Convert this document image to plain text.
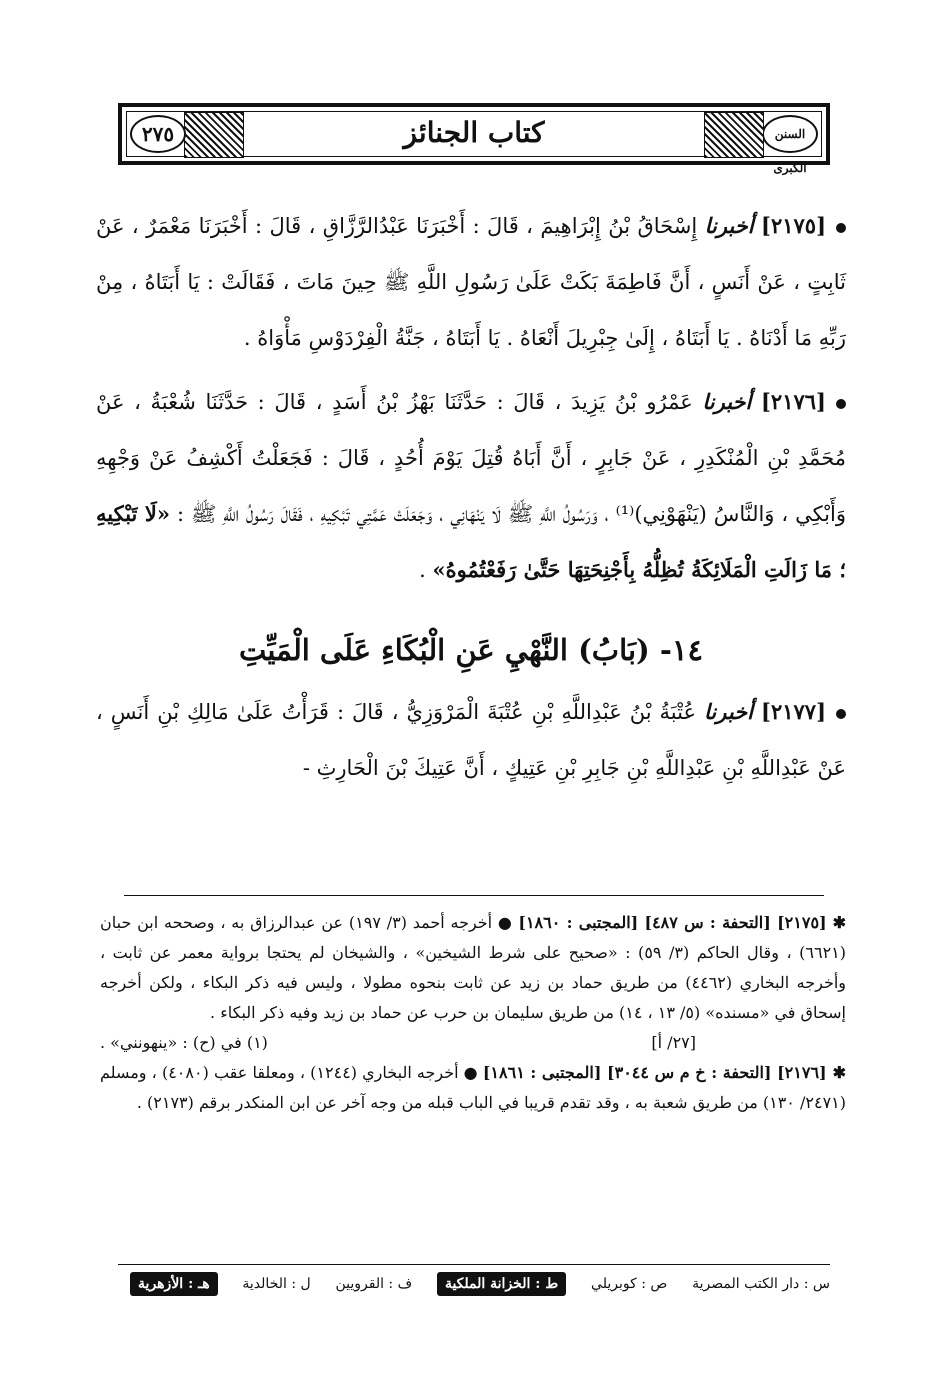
السنن الكبرى
كتاب الجنائز
٢٧٥

[٢١٧٥] أخبرنا إِسْحَاقُ بْنُ إِبْرَاهِيمَ ، قَالَ : أَخْبَرَنَا عَبْدُالرَّزَّاقِ ، قَالَ : أَخْبَرَنَا مَعْمَرٌ ، عَنْ ثَابِتٍ ، عَنْ أَنَسٍ ، أَنَّ فَاطِمَةَ بَكَتْ عَلَىٰ رَسُولِ اللَّهِ ﷺ حِينَ مَاتَ ، فَقَالَتْ : يَا أَبَتَاهُ ، مِنْ رَبِّهِ مَا أَدْنَاهُ . يَا أَبَتَاهُ ، إِلَىٰ جِبْرِيلَ أَنْعَاهُ . يَا أَبَتَاهُ ، جَنَّةُ الْفِرْدَوْسِ مَأْوَاهُ .

[٢١٧٦] أخبرنا عَمْرُو بْنُ يَزِيدَ ، قَالَ : حَدَّثَنَا بَهْزُ بْنُ أَسَدٍ ، قَالَ : حَدَّثَنَا شُعْبَةُ ، عَنْ مُحَمَّدِ بْنِ الْمُنْكَدِرِ ، عَنْ جَابِرٍ ، أَنَّ أَبَاهُ قُتِلَ يَوْمَ أُحُدٍ ، قَالَ : فَجَعَلْتُ أَكْشِفُ عَنْ وَجْهِهِ وَأَبْكِي ، وَالنَّاسُ (يَنْهَوْنِي)⁽¹⁾ ، وَرَسُولُ اللَّهِ ﷺ لَا يَنْهَانِي ، وَجَعَلَتْ عَمَّتِي تَبْكِيهِ ، فَقَالَ رَسُولُ اللَّهِ ﷺ : «لَا تَبْكِيهِ ؛ مَا زَالَتِ الْمَلَائِكَةُ تُظِلُّهُ بِأَجْنِحَتِهَا حَتَّىٰ رَفَعْتُمُوهُ» .

١٤- (بَابُ) النَّهْيِ عَنِ الْبُكَاءِ عَلَى الْمَيِّتِ

[٢١٧٧] أخبرنا عُتْبَةُ بْنُ عَبْدِاللَّهِ بْنِ عُتْبَةَ الْمَرْوَزِيُّ ، قَالَ : قَرَأْتُ عَلَىٰ مَالِكِ بْنِ أَنَسٍ ، عَنْ عَبْدِاللَّهِ بْنِ عَبْدِاللَّهِ بْنِ جَابِرِ بْنِ عَتِيكٍ ، أَنَّ عَتِيكَ بْنَ الْحَارِثِ -

✱[٢١٧٥] [التحفة : س ٤٨٧] [المجتبى : ١٨٦٠] ● أخرجه أحمد (٣/ ١٩٧) عن عبدالرزاق به ، وصححه ابن حبان (٦٦٢١) ، وقال الحاكم (٣/ ٥٩) : «صحيح على شرط الشيخين» ، والشيخان لم يحتجا برواية معمر عن ثابت ، وأخرجه البخاري (٤٤٦٢) من طريق حماد بن زيد عن ثابت بنحوه مطولا ، وليس فيه ذكر البكاء ، ولكن أخرجه إسحاق في «مسنده» (٥/ ١٣ ، ١٤) من طريق سليمان بن حرب عن حماد بن زيد وفيه ذكر البكاء .

[٢٧/ أ]
(١) في (ح) : «ينهونني» .

✱[٢١٧٦] [التحفة : خ م س ٣٠٤٤] [المجتبى : ١٨٦١] ● أخرجه البخاري (١٢٤٤) ، ومعلقا عقب (٤٠٨٠) ، ومسلم (٢٤٧١/ ١٣٠) من طريق شعبة به ، وقد تقدم قريبا في الباب قبله من وجه آخر عن ابن المنكدر برقم (٢١٧٣) .

س : دار الكتب المصرية
ص : كوبريلي
ط : الخزانة الملكية
ف : القرويين
ل : الخالدية
هـ : الأزهرية
